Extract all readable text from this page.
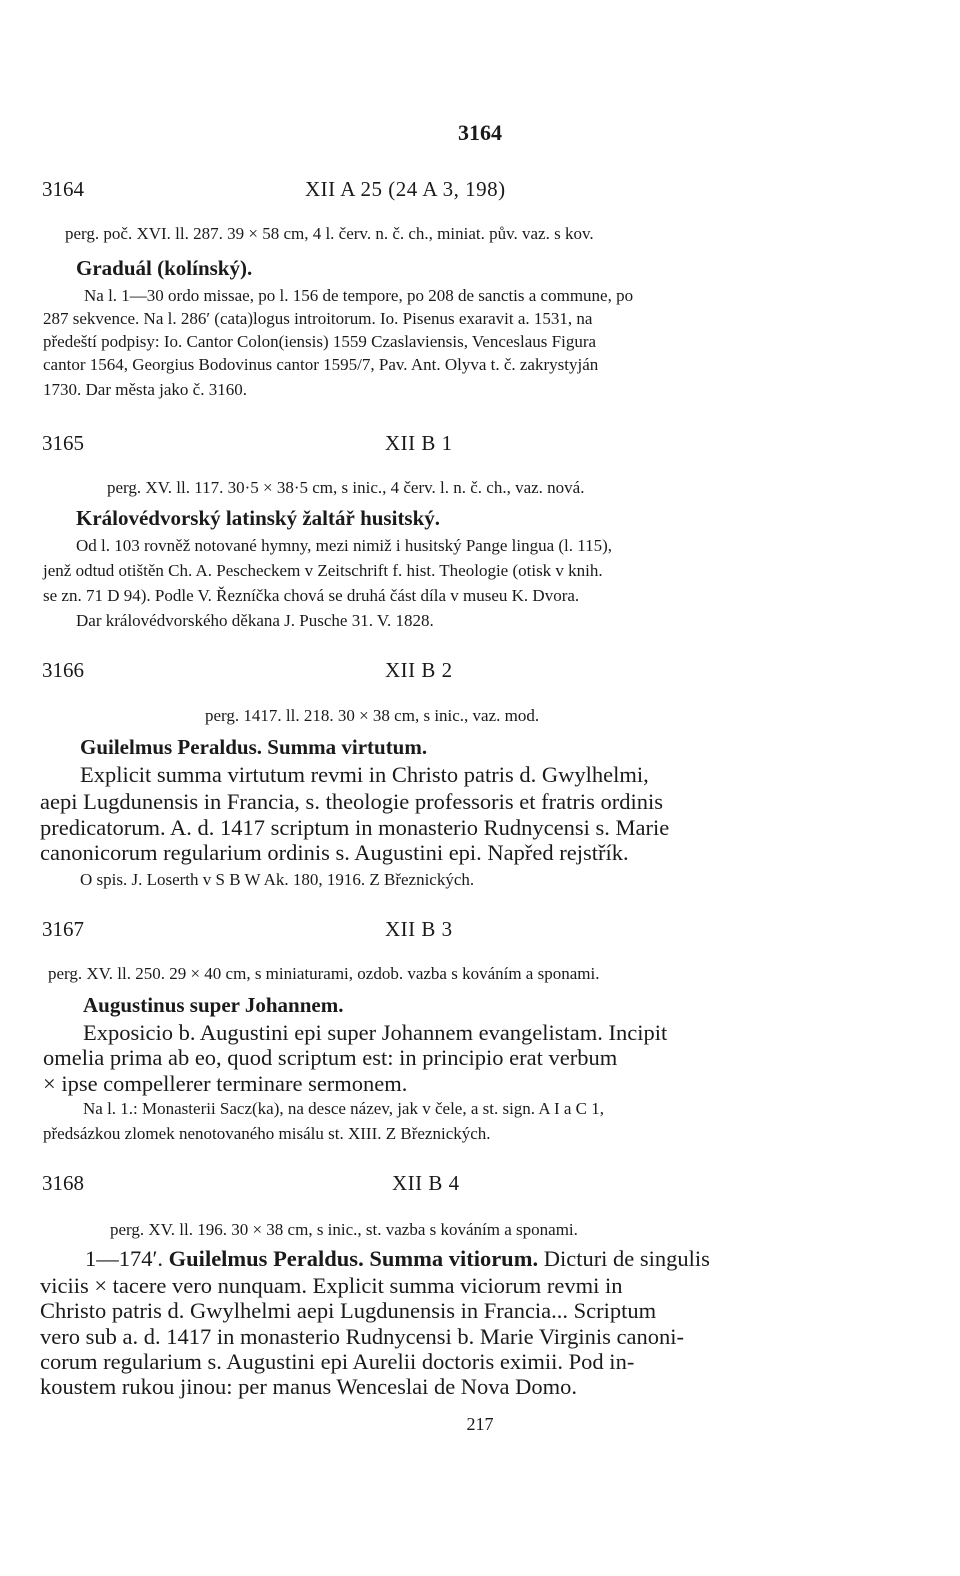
3164
3164	XII A 25 (24 A 3, 198)
perg. poč. XVI. ll. 287. 39 × 58 cm, 4 l. červ. n. č. ch., miniat. pův. vaz. s kov.
Graduál (kolínský).
Na l. 1—30 ordo missae, po l. 156 de tempore, po 208 de sanctis a commune, po
287 sekvence. Na l. 286′ (cata)logus introitorum. Io. Pisenus exaravit a. 1531, na
předeští podpisy: Io. Cantor Colon(iensis) 1559 Czaslaviensis, Venceslaus Figura
cantor 1564, Georgius Bodovinus cantor 1595/7, Pav. Ant. Olyva t. č. zakrystyján
1730. Dar města jako č. 3160.
3165	XII B 1
perg. XV. ll. 117. 30·5 × 38·5 cm, s inic., 4 červ. l. n. č. ch., vaz. nová.
Královédvorský latinský žaltář husitský.
Od l. 103 rovněž notované hymny, mezi nimiž i husitský Pange lingua (l. 115),
jenž odtud otištěn Ch. A. Pescheckem v Zeitschrift f. hist. Theologie (otisk v knih.
se zn. 71 D 94). Podle V. Řezníčka chová se druhá část díla v museu K. Dvora.
Dar královédvorského děkana J. Pusche 31. V. 1828.
3166	XII B 2
perg. 1417. ll. 218. 30 × 38 cm, s inic., vaz. mod.
Guilelmus Peraldus. Summa virtutum.
Explicit summa virtutum revmi in Christo patris d. Gwylhelmi,
aepi Lugdunensis in Francia, s. theologie professoris et fratris ordinis
predicatorum. A. d. 1417 scriptum in monasterio Rudnycensi s. Marie
canonicorum regularium ordinis s. Augustini epi. Napřed rejstřík.
O spis. J. Loserth v S B W Ak. 180, 1916. Z Březnických.
3167	XII B 3
perg. XV. ll. 250. 29 × 40 cm, s miniaturami, ozdob. vazba s kováním a sponami.
Augustinus super Johannem.
Exposicio b. Augustini epi super Johannem evangelistam. Incipit
omelia prima ab eo, quod scriptum est: in principio erat verbum
× ipse compellerer terminare sermonem.
Na l. 1.: Monasterii Sacz(ka), na desce název, jak v čele, a st. sign. A I a C 1,
předsázkou zlomek nenotovaného misálu st. XIII. Z Březnických.
3168	XII B 4
perg. XV. ll. 196. 30 × 38 cm, s inic., st. vazba s kováním a sponami.
1—174′. Guilelmus Peraldus. Summa vitiorum. Dicturi de singulis
viciis × tacere vero nunquam. Explicit summa viciorum revmi in
Christo patris d. Gwylhelmi aepi Lugdunensis in Francia... Scriptum
vero sub a. d. 1417 in monasterio Rudnycensi b. Marie Virginis canoni-
corum regularium s. Augustini epi Aurelii doctoris eximii. Pod in-
koustem rukou jinou: per manus Wenceslai de Nova Domo.
217
